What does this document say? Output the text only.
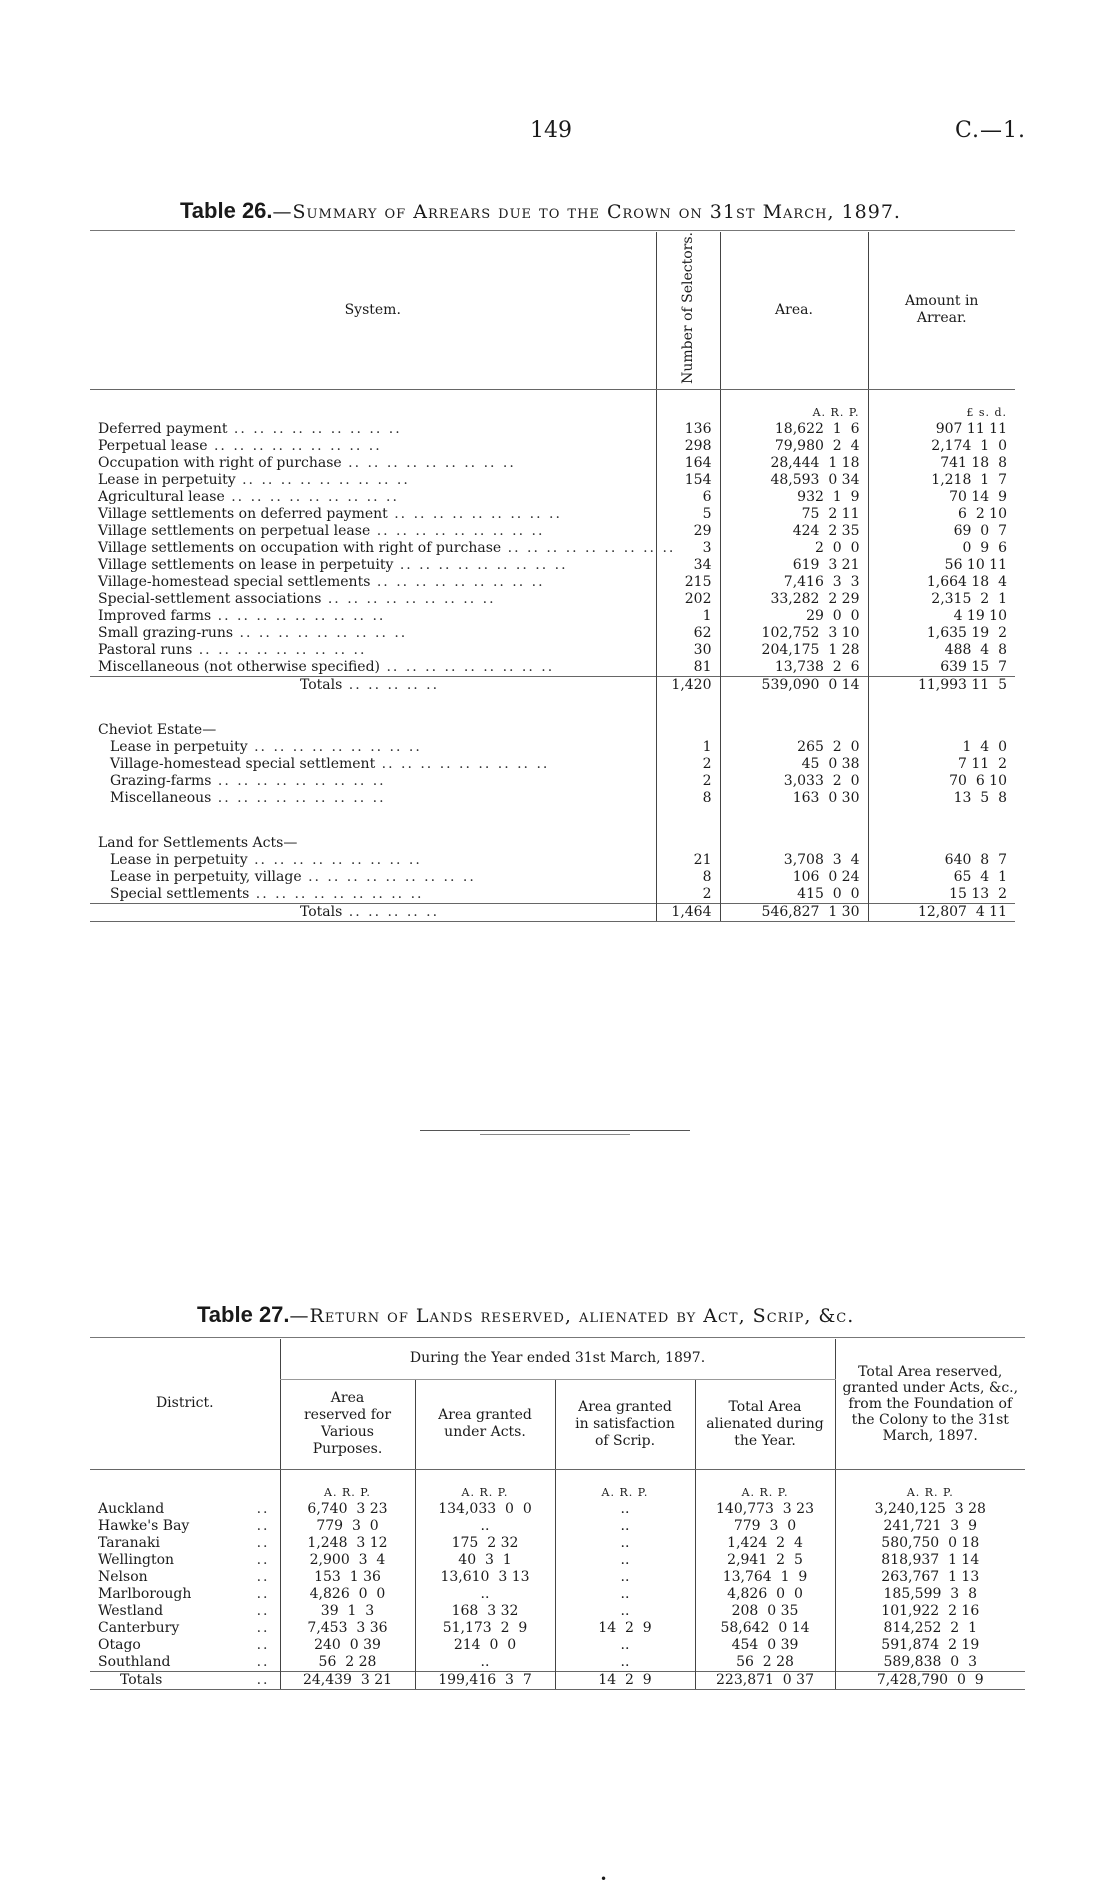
149	C.—1.
Table 26.—Summary of Arrears due to the Crown on 31st March, 1897.
System.	Number of Selectors.	Area.	Amount in Arrear.
		A. R. P.	£ s. d.
Deferred payment .. .. .. .. .. .. .. .. ..	136	18,622  1  6	907 11 11
Perpetual lease .. .. .. .. .. .. .. .. ..	298	79,980  2  4	2,174  1  0
Occupation with right of purchase .. .. .. .. .. .. .. .. ..	164	28,444  1 18	741 18  8
Lease in perpetuity .. .. .. .. .. .. .. .. ..	154	48,593  0 34	1,218  1  7
Agricultural lease .. .. .. .. .. .. .. .. ..	6	932  1  9	70 14  9
Village settlements on deferred payment .. .. .. .. .. .. .. .. ..	5	75  2 11	6  2 10
Village settlements on perpetual lease .. .. .. .. .. .. .. .. ..	29	424  2 35	69  0  7
Village settlements on occupation with right of purchase .. .. .. .. .. .. .. .. ..	3	2  0  0	0  9  6
Village settlements on lease in perpetuity .. .. .. .. .. .. .. .. ..	34	619  3 21	56 10 11
Village-homestead special settlements .. .. .. .. .. .. .. .. ..	215	7,416  3  3	1,664 18  4
Special-settlement associations .. .. .. .. .. .. .. .. ..	202	33,282  2 29	2,315  2  1
Improved farms .. .. .. .. .. .. .. .. ..	1	29  0  0	4 19 10
Small grazing-runs .. .. .. .. .. .. .. .. ..	62	102,752  3 10	1,635 19  2
Pastoral runs .. .. .. .. .. .. .. .. ..	30	204,175  1 28	488  4  8
Miscellaneous (not otherwise specified) .. .. .. .. .. .. .. .. ..	81	13,738  2  6	639 15  7
Totals .. .. .. .. ..	1,420	539,090  0 14	11,993 11  5

Cheviot Estate—			
Lease in perpetuity .. .. .. .. .. .. .. .. ..	1	265  2  0	1  4  0
Village-homestead special settlement .. .. .. .. .. .. .. .. ..	2	45  0 38	7 11  2
Grazing-farms .. .. .. .. .. .. .. .. ..	2	3,033  2  0	70  6 10
Miscellaneous .. .. .. .. .. .. .. .. ..	8	163  0 30	13  5  8

Land for Settlements Acts—			
Lease in perpetuity .. .. .. .. .. .. .. .. ..	21	3,708  3  4	640  8  7
Lease in perpetuity, village .. .. .. .. .. .. .. .. ..	8	106  0 24	65  4  1
Special settlements .. .. .. .. .. .. .. .. ..	2	415  0  0	15 13  2
Totals .. .. .. .. ..	1,464	546,827  1 30	12,807  4 11
Table 27.—Return of Lands reserved, alienated by Act, Scrip, &c.
District.	During the Year ended 31st March, 1897.				Total Area reserved, granted under Acts, &c., from the Foundation of the Colony to the 31st March, 1897.
	Area reserved for Various Purposes.	Area granted under Acts.	Area granted in satisfaction of Scrip.	Total Area alienated during the Year.	
	A. R. P.	A. R. P.	A. R. P.	A. R. P.	A. R. P.
Auckland ..	6,740  3 23	134,033  0  0	..	140,773  3 23	3,240,125  3 28
Hawke's Bay ..	779  3  0	..	..	779  3  0	241,721  3  9
Taranaki ..	1,248  3 12	175  2 32	..	1,424  2  4	580,750  0 18
Wellington ..	2,900  3  4	40  3  1	..	2,941  2  5	818,937  1 14
Nelson ..	153  1 36	13,610  3 13	..	13,764  1  9	263,767  1 13
Marlborough ..	4,826  0  0	..	..	4,826  0  0	185,599  3  8
Westland ..	39  1  3	168  3 32	..	208  0 35	101,922  2 16
Canterbury ..	7,453  3 36	51,173  2  9	14  2  9	58,642  0 14	814,252  2  1
Otago ..	240  0 39	214  0  0	..	454  0 39	591,874  2 19
Southland ..	56  2 28	..	..	56  2 28	589,838  0  3
Totals ..	24,439  3 21	199,416  3  7	14  2  9	223,871  0 37	7,428,790  0  9
•
